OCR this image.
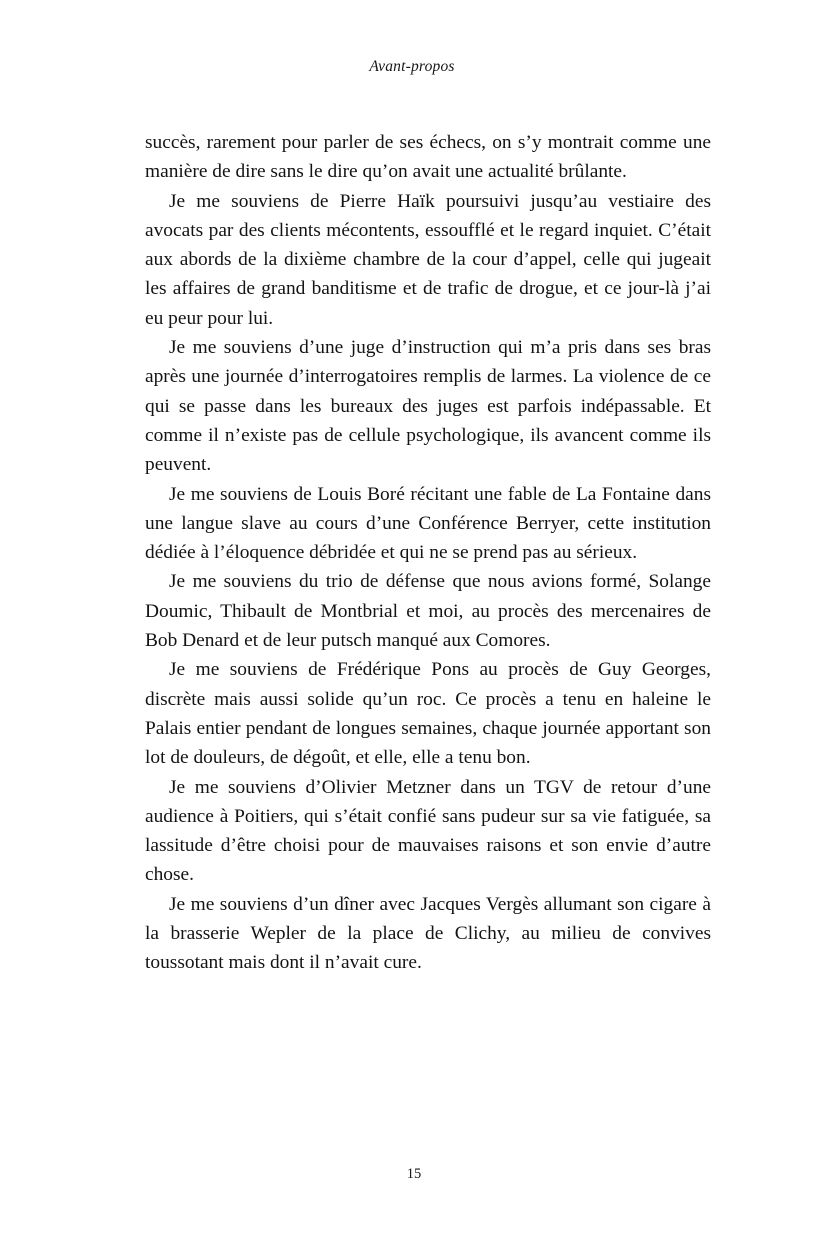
Avant-propos

succès, rarement pour parler de ses échecs, on s’y montrait comme une manière de dire sans le dire qu’on avait une actualité brûlante.

Je me souviens de Pierre Haïk poursuivi jusqu’au vestiaire des avocats par des clients mécontents, essoufflé et le regard inquiet. C’était aux abords de la dixième chambre de la cour d’appel, celle qui jugeait les affaires de grand banditisme et de trafic de drogue, et ce jour-là j’ai eu peur pour lui.

Je me souviens d’une juge d’instruction qui m’a pris dans ses bras après une journée d’interrogatoires remplis de larmes. La violence de ce qui se passe dans les bureaux des juges est parfois indépassable. Et comme il n’existe pas de cellule psychologique, ils avancent comme ils peuvent.

Je me souviens de Louis Boré récitant une fable de La Fontaine dans une langue slave au cours d’une Conférence Berryer, cette institution dédiée à l’éloquence débridée et qui ne se prend pas au sérieux.

Je me souviens du trio de défense que nous avions formé, Solange Doumic, Thibault de Montbrial et moi, au procès des mercenaires de Bob Denard et de leur putsch manqué aux Comores.

Je me souviens de Frédérique Pons au procès de Guy Georges, discrète mais aussi solide qu’un roc. Ce procès a tenu en haleine le Palais entier pendant de longues semaines, chaque journée apportant son lot de douleurs, de dégoût, et elle, elle a tenu bon.

Je me souviens d’Olivier Metzner dans un TGV de retour d’une audience à Poitiers, qui s’était confié sans pudeur sur sa vie fatiguée, sa lassitude d’être choisi pour de mauvaises raisons et son envie d’autre chose.

Je me souviens d’un dîner avec Jacques Vergès allumant son cigare à la brasserie Wepler de la place de Clichy, au milieu de convives toussotant mais dont il n’avait cure.

15
